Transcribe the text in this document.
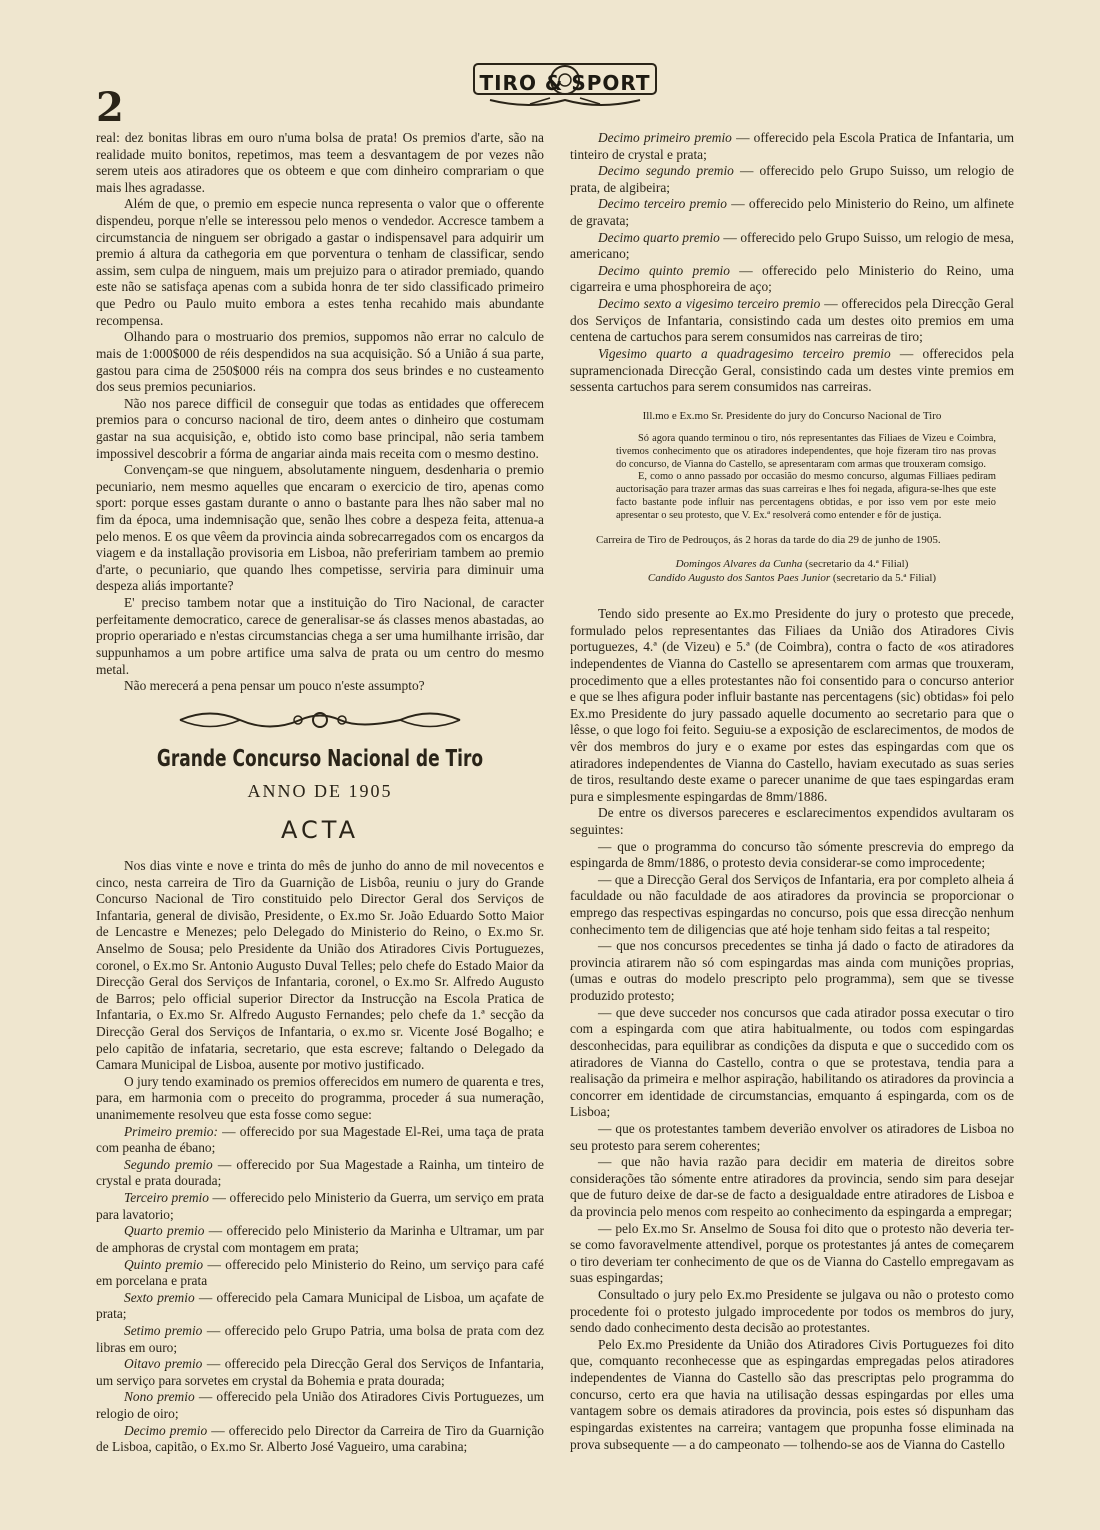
2
TIRO & SPORT

real: dez bonitas libras em ouro n'uma bolsa de prata! Os premios d'arte, são na realidade muito bonitos, repetimos, mas teem a desvantagem de por vezes não serem uteis aos atiradores que os obteem e que com dinheiro comprariam o que mais lhes agradasse.

Além de que, o premio em especie nunca representa o valor que o offerente dispendeu, porque n'elle se interessou pelo menos o vendedor. Accresce tambem a circumstancia de ninguem ser obrigado a gastar o indispensavel para adquirir um premio á altura da cathegoria em que porventura o tenham de classificar, sendo assim, sem culpa de ninguem, mais um prejuizo para o atirador premiado, quando este não se satisfaça apenas com a subida honra de ter sido classificado primeiro que Pedro ou Paulo muito embora a estes tenha recahido mais abundante recompensa.

Olhando para o mostruario dos premios, suppomos não errar no calculo de mais de 1:000$000 de réis despendidos na sua acquisição. Só a União á sua parte, gastou para cima de 250$000 réis na compra dos seus brindes e no custeamento dos seus premios pecuniarios.

Não nos parece difficil de conseguir que todas as entidades que offerecem premios para o concurso nacional de tiro, deem antes o dinheiro que costumam gastar na sua acquisição, e, obtido isto como base principal, não seria tambem impossivel descobrir a fórma de angariar ainda mais receita com o mesmo destino.

Convençam-se que ninguem, absolutamente ninguem, desdenharia o premio pecuniario, nem mesmo aquelles que encaram o exercicio de tiro, apenas como sport: porque esses gastam durante o anno o bastante para lhes não saber mal no fim da época, uma indemnisação que, senão lhes cobre a despeza feita, attenua-a pelo menos. E os que vêem da provincia ainda sobrecarregados com os encargos da viagem e da installação provisoria em Lisboa, não prefeririam tambem ao premio d'arte, o pecuniario, que quando lhes competisse, serviria para diminuir uma despeza aliás importante?

E' preciso tambem notar que a instituição do Tiro Nacional, de caracter perfeitamente democratico, carece de generalisar-se ás classes menos abastadas, ao proprio operariado e n'estas circumstancias chega a ser uma humilhante irrisão, dar suppunhamos a um pobre artifice uma salva de prata ou um centro do mesmo metal.

Não merecerá a pena pensar um pouco n'este assumpto?

Grande Concurso Nacional de Tiro
ANNO DE 1905
ACTA

Nos dias vinte e nove e trinta do mês de junho do anno de mil novecentos e cinco, nesta carreira de Tiro da Guarnição de Lisbôa, reuniu o jury do Grande Concurso Nacional de Tiro constituido pelo Director Geral dos Serviços de Infantaria, general de divisão, Presidente, o Ex.mo Sr. João Eduardo Sotto Maior de Lencastre e Menezes; pelo Delegado do Ministerio do Reino, o Ex.mo Sr. Anselmo de Sousa; pelo Presidente da União dos Atiradores Civis Portuguezes, coronel, o Ex.mo Sr. Antonio Augusto Duval Telles; pelo chefe do Estado Maior da Direcção Geral dos Serviços de Infantaria, coronel, o Ex.mo Sr. Alfredo Augusto de Barros; pelo official superior Director da Instrucção na Escola Pratica de Infantaria, o Ex.mo Sr. Alfredo Augusto Fernandes; pelo chefe da 1.ª secção da Direcção Geral dos Serviços de Infantaria, o ex.mo sr. Vicente José Bogalho; e pelo capitão de infataria, secretario, que esta escreve; faltando o Delegado da Camara Municipal de Lisboa, ausente por motivo justificado.

O jury tendo examinado os premios offerecidos em numero de quarenta e tres, para, em harmonia com o preceito do programma, proceder á sua numeração, unanimemente resolveu que esta fosse como segue:

Primeiro premio: — offerecido por sua Magestade El-Rei, uma taça de prata com peanha de ébano;

Segundo premio — offerecido por Sua Magestade a Rainha, um tinteiro de crystal e prata dourada;

Terceiro premio — offerecido pelo Ministerio da Guerra, um serviço em prata para lavatorio;

Quarto premio — offerecido pelo Ministerio da Marinha e Ultramar, um par de amphoras de crystal com montagem em prata;

Quinto premio — offerecido pelo Ministerio do Reino, um serviço para café em porcelana e prata

Sexto premio — offerecido pela Camara Municipal de Lisboa, um açafate de prata;

Setimo premio — offerecido pelo Grupo Patria, uma bolsa de prata com dez libras em ouro;

Oitavo premio — offerecido pela Direcção Geral dos Serviços de Infantaria, um serviço para sorvetes em crystal da Bohemia e prata dourada;

Nono premio — offerecido pela União dos Atiradores Civis Portuguezes, um relogio de oiro;

Decimo premio — offerecido pelo Director da Carreira de Tiro da Guarnição de Lisboa, capitão, o Ex.mo Sr. Alberto José Vagueiro, uma carabina;

Decimo primeiro premio — offerecido pela Escola Pratica de Infantaria, um tinteiro de crystal e prata;

Decimo segundo premio — offerecido pelo Grupo Suisso, um relogio de prata, de algibeira;

Decimo terceiro premio — offerecido pelo Ministerio do Reino, um alfinete de gravata;

Decimo quarto premio — offerecido pelo Grupo Suisso, um relogio de mesa, americano;

Decimo quinto premio — offerecido pelo Ministerio do Reino, uma cigarreira e uma phosphoreira de aço;

Decimo sexto a vigesimo terceiro premio — offerecidos pela Direcção Geral dos Serviços de Infantaria, consistindo cada um destes oito premios em uma centena de cartuchos para serem consumidos nas carreiras de tiro;

Vigesimo quarto a quadragesimo terceiro premio — offerecidos pela supramencionada Direcção Geral, consistindo cada um destes vinte premios em sessenta cartuchos para serem consumidos nas carreiras.

Ill.mo e Ex.mo Sr. Presidente do jury do Concurso Nacional de Tiro

Só agora quando terminou o tiro, nós representantes das Filiaes de Vizeu e Coimbra, tivemos conhecimento que os atiradores independentes, que hoje fizeram tiro nas provas do concurso, de Vianna do Castello, se apresentaram com armas que trouxeram comsigo.

E, como o anno passado por occasião do mesmo concurso, algumas Filliaes pediram auctorisação para trazer armas das suas carreiras e lhes foi negada, afigura-se-lhes que este facto bastante pode influir nas percentagens obtidas, e por isso vem por este meio apresentar o seu protesto, que V. Ex.ª resolverá como entender e fôr de justiça.

Carreira de Tiro de Pedrouços, ás 2 horas da tarde do dia 29 de junho de 1905.
Domingos Alvares da Cunha (secretario da 4.ª Filial)
Candido Augusto dos Santos Paes Junior (secretario da 5.ª Filial)

Tendo sido presente ao Ex.mo Presidente do jury o protesto que precede, formulado pelos representantes das Filiaes da União dos Atiradores Civis portuguezes, 4.ª (de Vizeu) e 5.ª (de Coimbra), contra o facto de «os atiradores independentes de Vianna do Castello se apresentarem com armas que trouxeram, procedimento que a elles protestantes não foi consentido para o concurso anterior e que se lhes afigura poder influir bastante nas percentagens (sic) obtidas» foi pelo Ex.mo Presidente do jury passado aquelle documento ao secretario para que o lêsse, o que logo foi feito. Seguiu-se a exposição de esclarecimentos, de modos de vêr dos membros do jury e o exame por estes das espingardas com que os atiradores independentes de Vianna do Castello, haviam executado as suas series de tiros, resultando deste exame o parecer unanime de que taes espingardas eram pura e simplesmente espingardas de 8mm/1886.

De entre os diversos pareceres e esclarecimentos expendidos avultaram os seguintes:

— que o programma do concurso tão sómente prescrevia do emprego da espingarda de 8mm/1886, o protesto devia considerar-se como improcedente;

— que a Direcção Geral dos Serviços de Infantaria, era por completo alheia á faculdade ou não faculdade de aos atiradores da provincia se proporcionar o emprego das respectivas espingardas no concurso, pois que essa direcção nenhum conhecimento tem de diligencias que até hoje tenham sido feitas a tal respeito;

— que nos concursos precedentes se tinha já dado o facto de atiradores da provincia atirarem não só com espingardas mas ainda com munições proprias, (umas e outras do modelo prescripto pelo programma), sem que se tivesse produzido protesto;

— que deve succeder nos concursos que cada atirador possa executar o tiro com a espingarda com que atira habitualmente, ou todos com espingardas desconhecidas, para equilibrar as condições da disputa e que o succedido com os atiradores de Vianna do Castello, contra o que se protestava, tendia para a realisação da primeira e melhor aspiração, habilitando os atiradores da provincia a concorrer em identidade de circumstancias, emquanto á espingarda, com os de Lisboa;

— que os protestantes tambem deverião envolver os atiradores de Lisboa no seu protesto para serem coherentes;

— que não havia razão para decidir em materia de direitos sobre considerações tão sómente entre atiradores da provincia, sendo sim para desejar que de futuro deixe de dar-se de facto a desigualdade entre atiradores de Lisboa e da provincia pelo menos com respeito ao conhecimento da espingarda a empregar;

— pelo Ex.mo Sr. Anselmo de Sousa foi dito que o protesto não deveria ter-se como favoravelmente attendivel, porque os protestantes já antes de começarem o tiro deveriam ter conhecimento de que os de Vianna do Castello empregavam as suas espingardas;

Consultado o jury pelo Ex.mo Presidente se julgava ou não o protesto como procedente foi o protesto julgado improcedente por todos os membros do jury, sendo dado conhecimento desta decisão ao protestantes.

Pelo Ex.mo Presidente da União dos Atiradores Civis Portuguezes foi dito que, comquanto reconhecesse que as espingardas empregadas pelos atiradores independentes de Vianna do Castello são das prescriptas pelo programma do concurso, certo era que havia na utilisação dessas espingardas por elles uma vantagem sobre os demais atiradores da provincia, pois estes só dispunham das espingardas existentes na carreira; vantagem que propunha fosse eliminada na prova subsequente — a do campeonato — tolhendo-se aos de Vianna do Castello
